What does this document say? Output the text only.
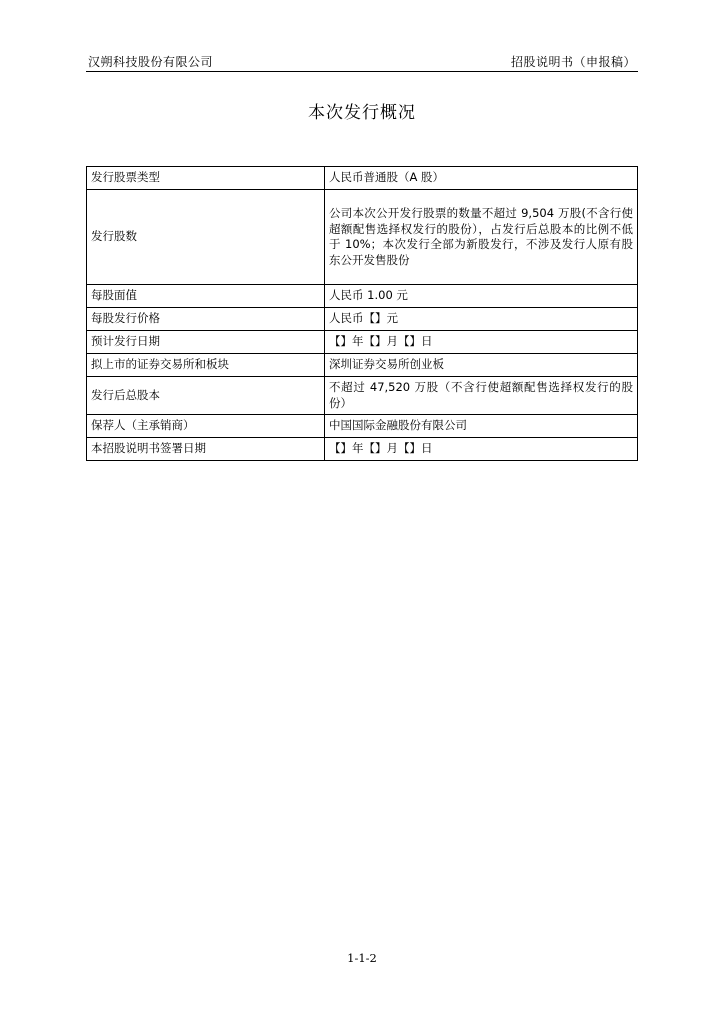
汉朔科技股份有限公司	招股说明书（申报稿）
本次发行概况
发行股票类型	人民币普通股（A 股）
发行股数	公司本次公开发行股票的数量不超过 9,504 万股(不含行使超额配售选择权发行的股份），占发行后总股本的比例不低于 10%；本次发行全部为新股发行，不涉及发行人原有股东公开发售股份
每股面值	人民币 1.00 元
每股发行价格	人民币【】元
预计发行日期	【】年【】月【】日
拟上市的证券交易所和板块	深圳证券交易所创业板
发行后总股本	不超过 47,520 万股（不含行使超额配售选择权发行的股份）
保荐人（主承销商）	中国国际金融股份有限公司
本招股说明书签署日期	【】年【】月【】日
1-1-2
